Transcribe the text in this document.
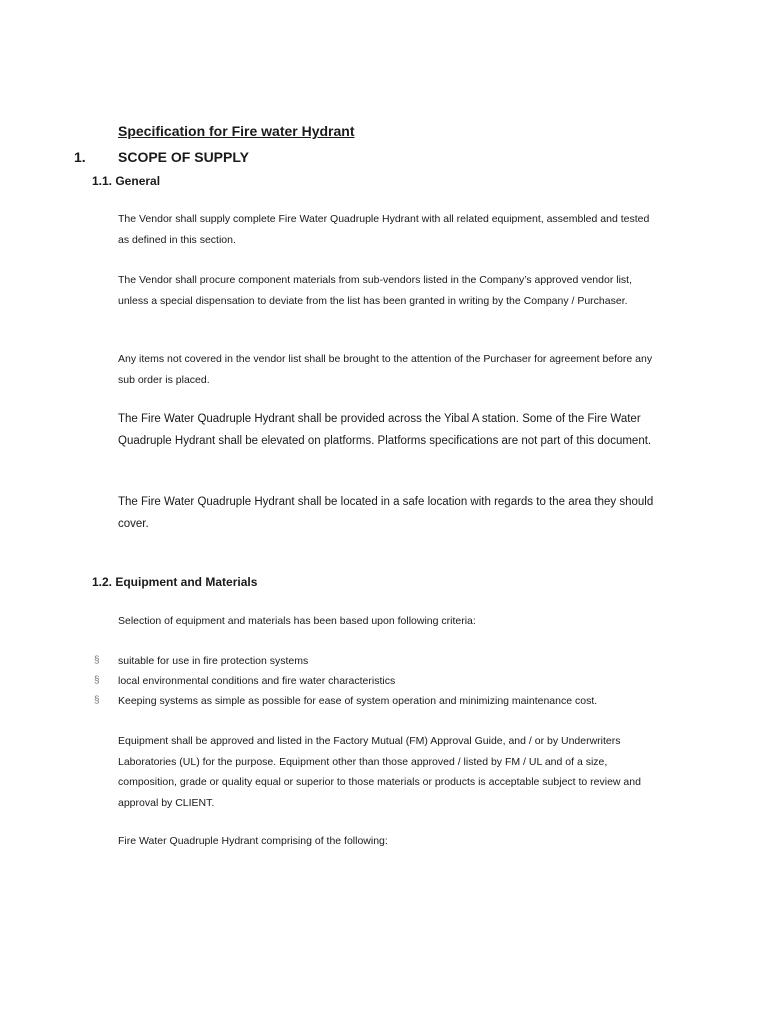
Specification for Fire water Hydrant
1. SCOPE OF SUPPLY
1.1. General

The Vendor shall supply complete Fire Water Quadruple Hydrant with all related equipment, assembled and tested as defined in this section.

The Vendor shall procure component materials from sub-vendors listed in the Company’s approved vendor list, unless a special dispensation to deviate from the list has been granted in writing by the Company / Purchaser.

Any items not covered in the vendor list shall be brought to the attention of the Purchaser for agreement before any sub order is placed.

The Fire Water Quadruple Hydrant shall be provided across the Yibal A station. Some of the Fire Water Quadruple Hydrant shall be elevated on platforms. Platforms specifications are not part of this document.

The Fire Water Quadruple Hydrant shall be located in a safe location with regards to the area they should cover.

1.2. Equipment and Materials

Selection of equipment and materials has been based upon following criteria:

§	suitable for use in fire protection systems
§	local environmental conditions and fire water characteristics
§	Keeping systems as simple as possible for ease of system operation and minimizing maintenance cost.

Equipment shall be approved and listed in the Factory Mutual (FM) Approval Guide, and / or by Underwriters Laboratories (UL) for the purpose. Equipment other than those approved / listed by FM / UL and of a size, composition, grade or quality equal or superior to those materials or products is acceptable subject to review and approval by CLIENT.

Fire Water Quadruple Hydrant comprising of the following:
